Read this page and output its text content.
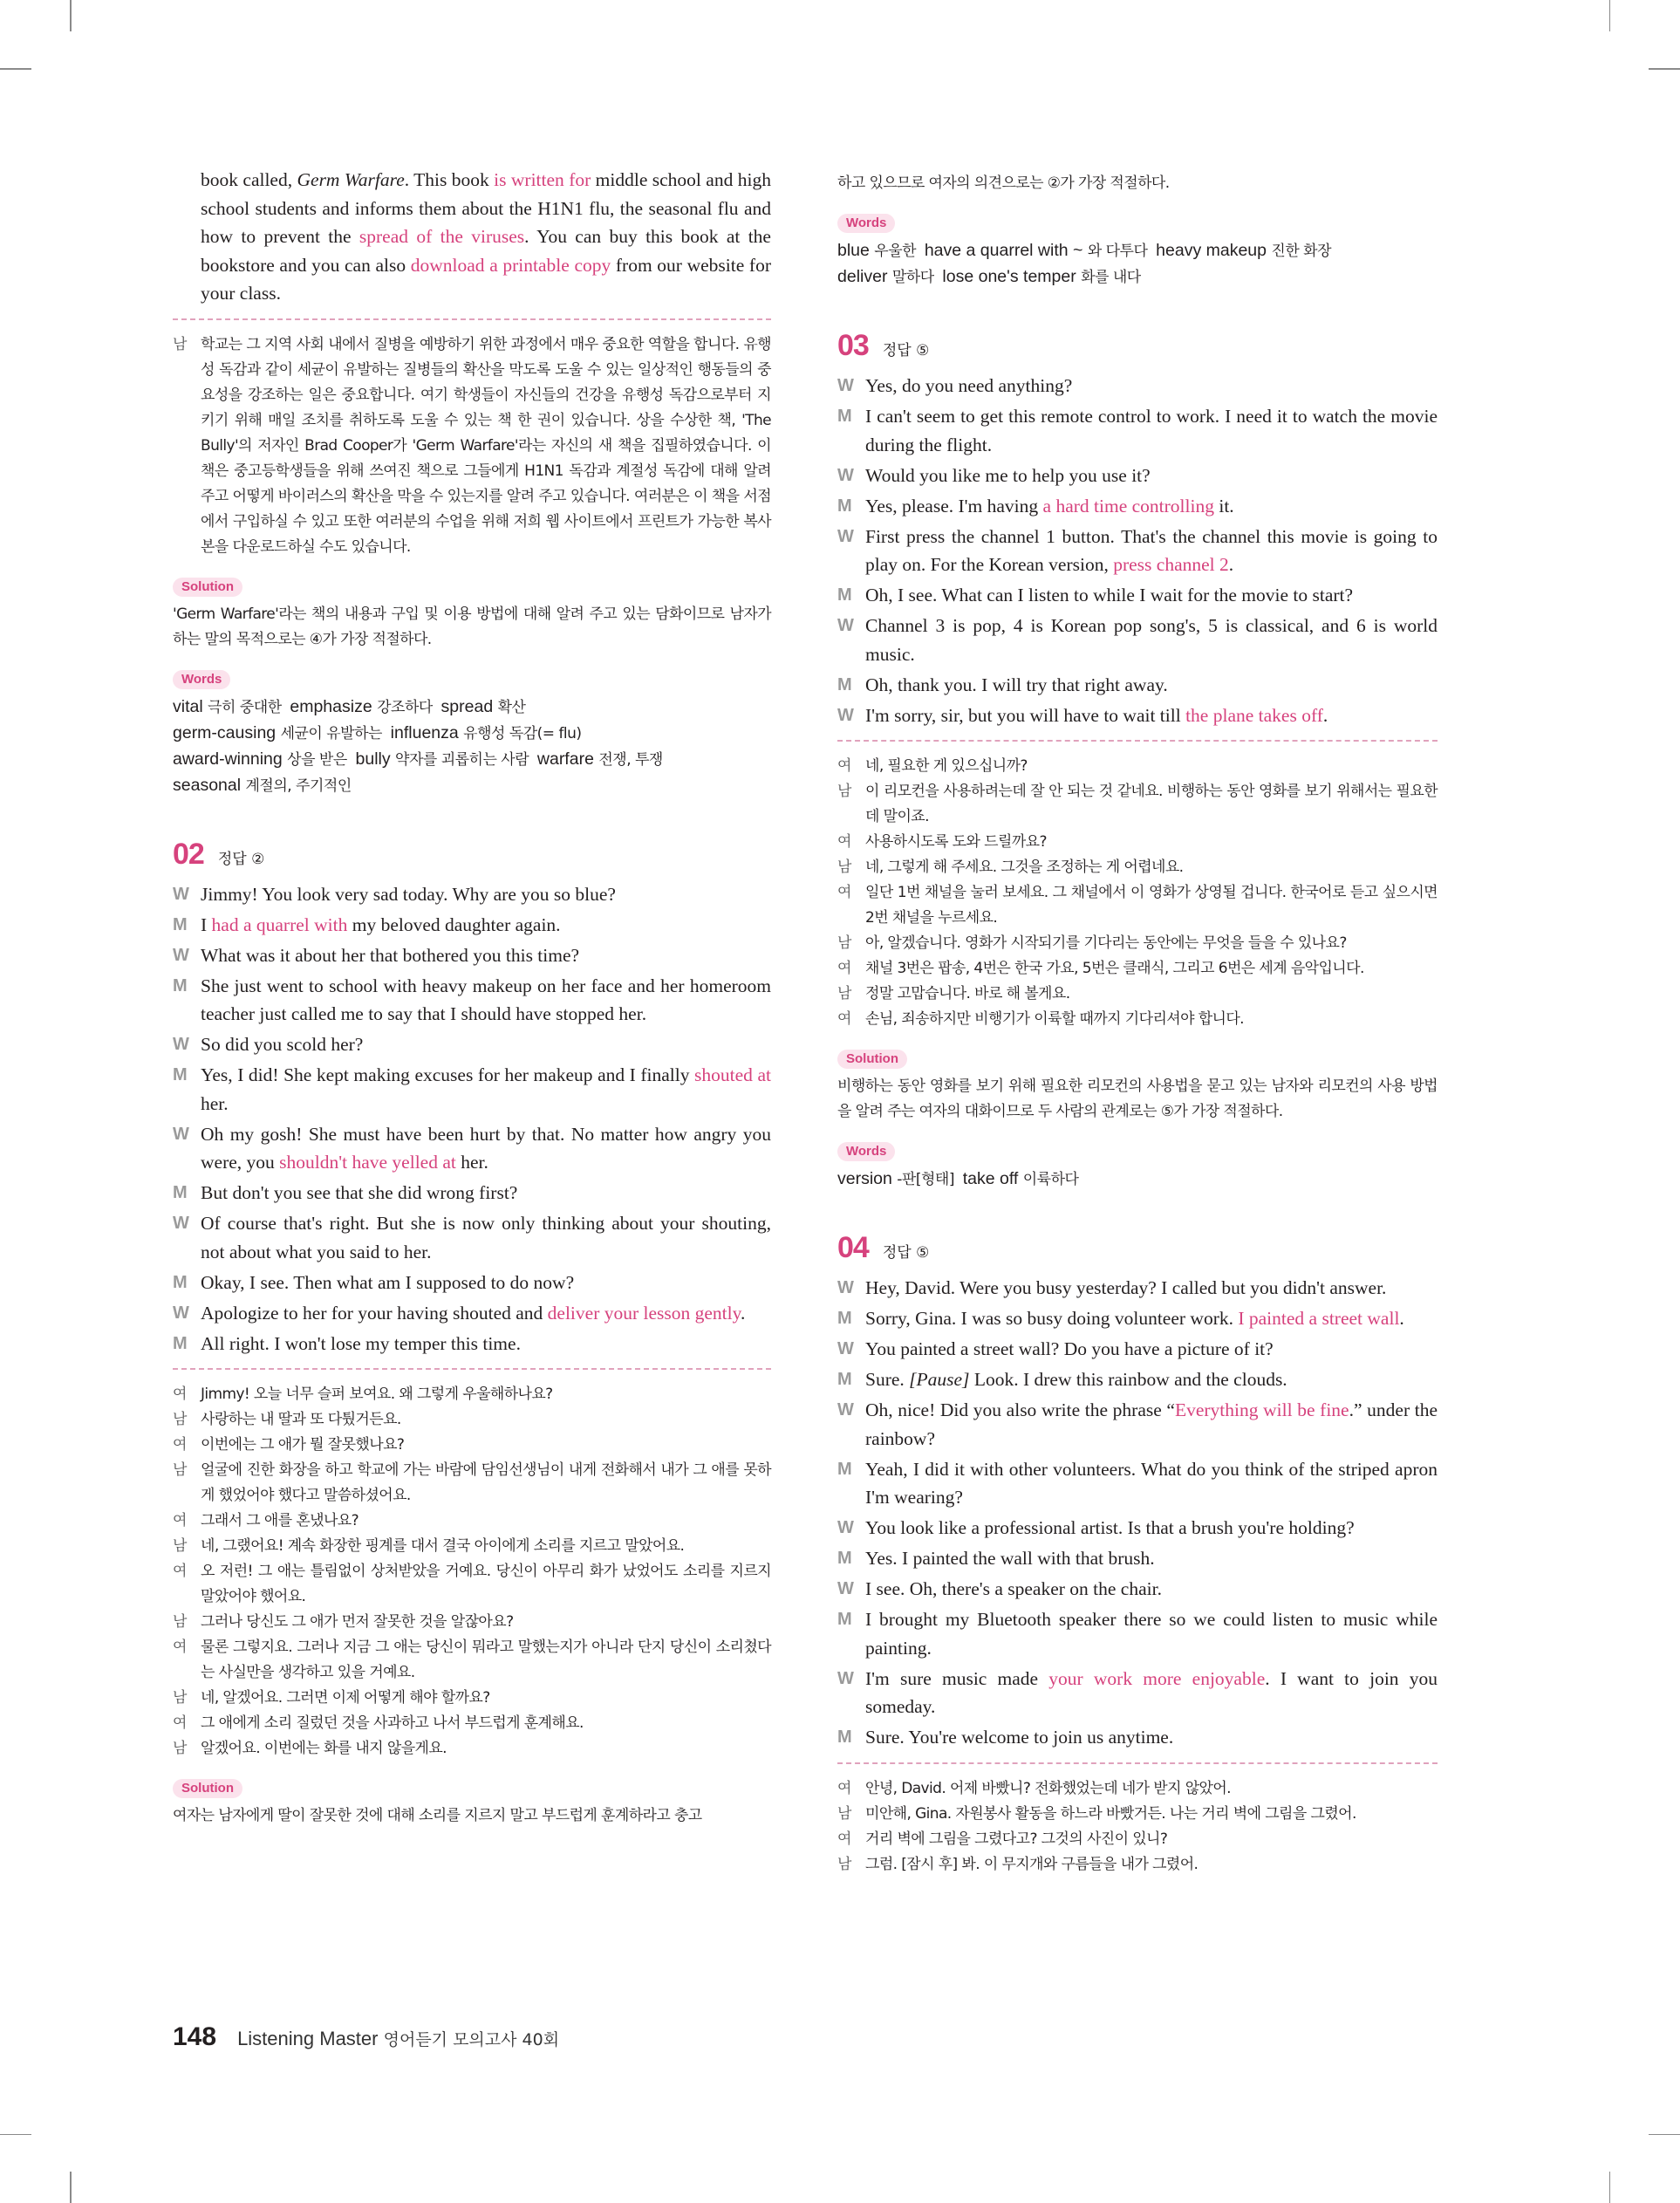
book called, Germ Warfare. This book is written for middle school and high school students and informs them about the H1N1 flu, the seasonal flu and how to prevent the spread of the viruses. You can buy this book at the bookstore and you can also download a printable copy from our website for your class.
남 학교는 그 지역 사회 내에서 질병을 예방하기 위한 과정에서 매우 중요한 역할을 합니다. 유행성 독감과 같이 세균이 유발하는 질병들의 확산을 막도록 도울 수 있는 일상적인 행동들의 중요성을 강조하는 일은 중요합니다. 여기 학생들이 자신들의 건강을 유행성 독감으로부터 지키기 위해 매일 조치를 취하도록 도울 수 있는 책 한 권이 있습니다. 상을 수상한 책, 'The Bully'의 저자인 Brad Cooper가 'Germ Warfare'라는 자신의 새 책을 집필하였습니다. 이 책은 중고등학생들을 위해 쓰여진 책으로 그들에게 H1N1 독감과 계절성 독감에 대해 알려 주고 어떻게 바이러스의 확산을 막을 수 있는지를 알려 주고 있습니다. 여러분은 이 책을 서점에서 구입하실 수 있고 또한 여러분의 수업을 위해 저희 웹 사이트에서 프린트가 가능한 복사본을 다운로드하실 수도 있습니다.
Solution
'Germ Warfare'라는 책의 내용과 구입 및 이용 방법에 대해 알려 주고 있는 담화이므로 남자가 하는 말의 목적으로는 ④가 가장 적절하다.
Words
vital 극히 중대한 emphasize 강조하다 spread 확산
germ-causing 세균이 유발하는 influenza 유행성 독감(= flu)
award-winning 상을 받은 bully 약자를 괴롭히는 사람 warfare 전쟁, 투쟁
seasonal 계절의, 주기적인
02 정답 ②
W Jimmy! You look very sad today. Why are you so blue?
M I had a quarrel with my beloved daughter again.
W What was it about her that bothered you this time?
M She just went to school with heavy makeup on her face and her homeroom teacher just called me to say that I should have stopped her.
W So did you scold her?
M Yes, I did! She kept making excuses for her makeup and I finally shouted at her.
W Oh my gosh! She must have been hurt by that. No matter how angry you were, you shouldn't have yelled at her.
M But don't you see that she did wrong first?
W Of course that's right. But she is now only thinking about your shouting, not about what you said to her.
M Okay, I see. Then what am I supposed to do now?
W Apologize to her for your having shouted and deliver your lesson gently.
M All right. I won't lose my temper this time.
여 Jimmy! 오늘 너무 슬퍼 보여요. 왜 그렇게 우울해하나요?
남 사랑하는 내 딸과 또 다퉜거든요.
여 이번에는 그 애가 뭘 잘못했나요?
남 얼굴에 진한 화장을 하고 학교에 가는 바람에 담임선생님이 내게 전화해서 내가 그 애를 못하게 했었어야 했다고 말씀하셨어요.
여 그래서 그 애를 혼냈나요?
남 네, 그랬어요! 계속 화장한 핑계를 대서 결국 아이에게 소리를 지르고 말았어요.
여 오 저런! 그 애는 틀림없이 상처받았을 거예요. 당신이 아무리 화가 났었어도 소리를 지르지 말았어야 했어요.
남 그러나 당신도 그 애가 먼저 잘못한 것을 알잖아요?
여 물론 그렇지요. 그러나 지금 그 애는 당신이 뭐라고 말했는지가 아니라 단지 당신이 소리쳤다는 사실만을 생각하고 있을 거예요.
남 네, 알겠어요. 그러면 이제 어떻게 해야 할까요?
여 그 애에게 소리 질렀던 것을 사과하고 나서 부드럽게 훈계해요.
남 알겠어요. 이번에는 화를 내지 않을게요.
Solution
여자는 남자에게 딸이 잘못한 것에 대해 소리를 지르지 말고 부드럽게 훈계하라고 충고
하고 있으므로 여자의 의견으로는 ②가 가장 적절하다.
Words
blue 우울한 have a quarrel with ~ 와 다투다 heavy makeup 진한 화장
deliver 말하다 lose one's temper 화를 내다
03 정답 ⑤
W Yes, do you need anything?
M I can't seem to get this remote control to work. I need it to watch the movie during the flight.
W Would you like me to help you use it?
M Yes, please. I'm having a hard time controlling it.
W First press the channel 1 button. That's the channel this movie is going to play on. For the Korean version, press channel 2.
M Oh, I see. What can I listen to while I wait for the movie to start?
W Channel 3 is pop, 4 is Korean pop song's, 5 is classical, and 6 is world music.
M Oh, thank you. I will try that right away.
W I'm sorry, sir, but you will have to wait till the plane takes off.
여 네, 필요한 게 있으십니까?
남 이 리모컨을 사용하려는데 잘 안 되는 것 같네요. 비행하는 동안 영화를 보기 위해서는 필요한데 말이죠.
여 사용하시도록 도와 드릴까요?
남 네, 그렇게 해 주세요. 그것을 조정하는 게 어렵네요.
여 일단 1번 채널을 눌러 보세요. 그 채널에서 이 영화가 상영될 겁니다. 한국어로 듣고 싶으시면 2번 채널을 누르세요.
남 아, 알겠습니다. 영화가 시작되기를 기다리는 동안에는 무엇을 들을 수 있나요?
여 채널 3번은 팝송, 4번은 한국 가요, 5번은 클래식, 그리고 6번은 세계 음악입니다.
남 정말 고맙습니다. 바로 해 볼게요.
여 손님, 죄송하지만 비행기가 이륙할 때까지 기다리셔야 합니다.
Solution
비행하는 동안 영화를 보기 위해 필요한 리모컨의 사용법을 묻고 있는 남자와 리모컨의 사용 방법을 알려 주는 여자의 대화이므로 두 사람의 관계로는 ⑤가 가장 적절하다.
Words
version -판[형태] take off 이륙하다
04 정답 ⑤
W Hey, David. Were you busy yesterday? I called but you didn't answer.
M Sorry, Gina. I was so busy doing volunteer work. I painted a street wall.
W You painted a street wall? Do you have a picture of it?
M Sure. [Pause] Look. I drew this rainbow and the clouds.
W Oh, nice! Did you also write the phrase “Everything will be fine.” under the rainbow?
M Yeah, I did it with other volunteers. What do you think of the striped apron I'm wearing?
W You look like a professional artist. Is that a brush you're holding?
M Yes. I painted the wall with that brush.
W I see. Oh, there's a speaker on the chair.
M I brought my Bluetooth speaker there so we could listen to music while painting.
W I'm sure music made your work more enjoyable. I want to join you someday.
M Sure. You're welcome to join us anytime.
여 안녕, David. 어제 바빴니? 전화했었는데 네가 받지 않았어.
남 미안해, Gina. 자원봉사 활동을 하느라 바빴거든. 나는 거리 벽에 그림을 그렸어.
여 거리 벽에 그림을 그렸다고? 그것의 사진이 있니?
남 그럼. [잠시 후] 봐. 이 무지개와 구름들을 내가 그렸어.
148 Listening Master 영어듣기 모의고사 40회
